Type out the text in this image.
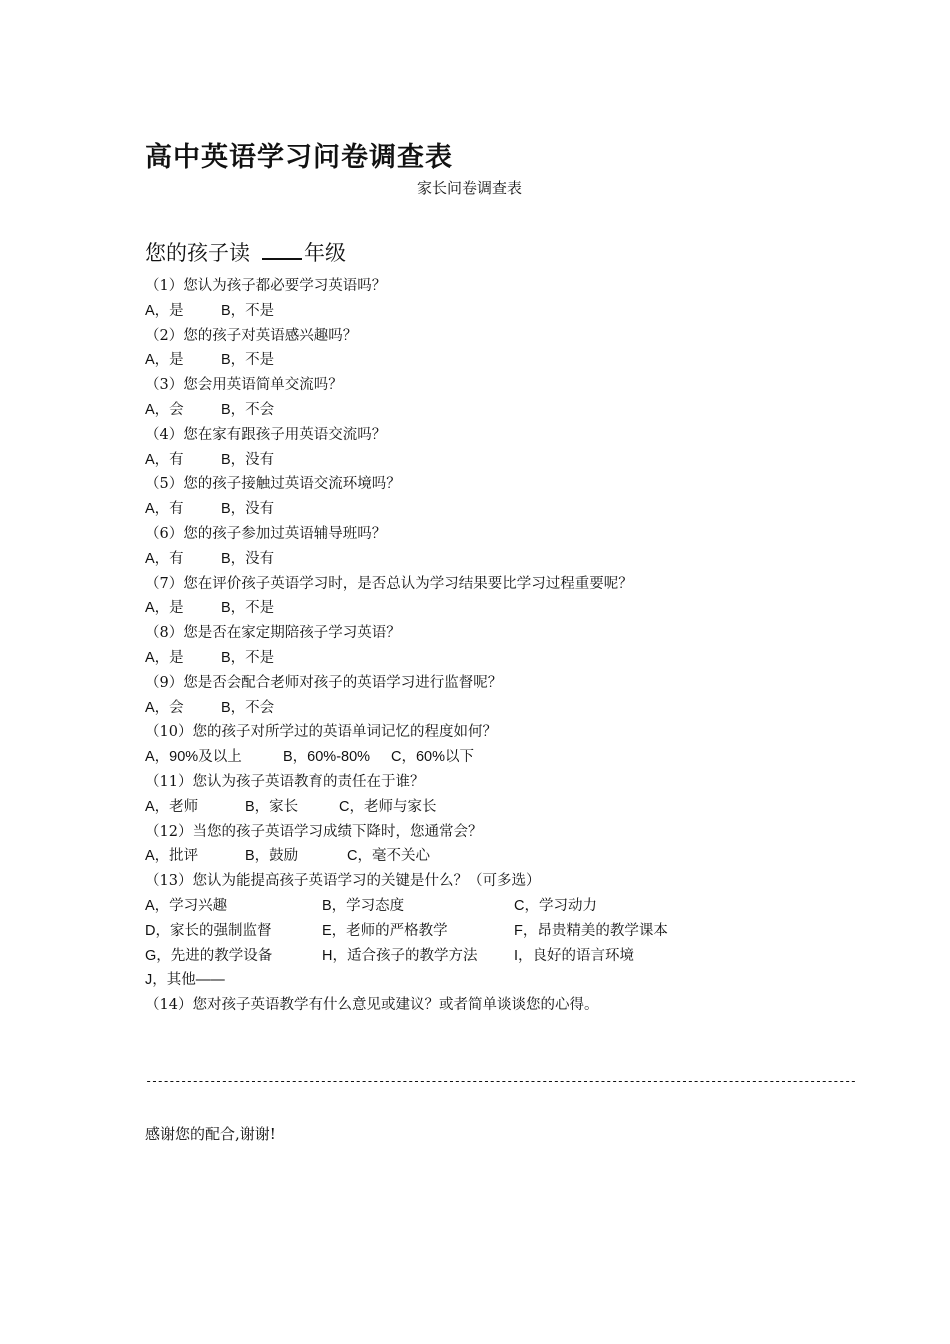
高中英语学习问卷调查表
家长问卷调查表
您的孩子读	年级
（1）您认为孩子都必要学习英语吗？
A，是	B，不是
（2）您的孩子对英语感兴趣吗？
A，是	B，不是
（3）您会用英语简单交流吗？
A，会	B，不会
（4）您在家有跟孩子用英语交流吗？
A，有	B，没有
（5）您的孩子接触过英语交流环境吗？
A，有	B，没有
（6）您的孩子参加过英语辅导班吗？
A，有	B，没有
（7）您在评价孩子英语学习时，是否总认为学习结果要比学习过程重要呢？
A，是	B，不是
（8）您是否在家定期陪孩子学习英语？
A，是	B，不是
（9）您是否会配合老师对孩子的英语学习进行监督呢？
A，会	B，不会
（10）您的孩子对所学过的英语单词记忆的程度如何？
A，90%及以上	B，60%-80% C，60%以下
（11）您认为孩子英语教育的责任在于谁？
A，老师	B，家长	C，老师与家长
（12）当您的孩子英语学习成绩下降时，您通常会？
A，批评	B，鼓励	C，毫不关心
（13）您认为能提高孩子英语学习的关键是什么？（可多选）
A，学习兴趣	B，学习态度	C，学习动力
D，家长的强制监督	E，老师的严格教学	F，昂贵精美的教学课本
G，先进的教学设备	H，适合孩子的教学方法	I，良好的语言环境
J，其他——
（14）您对孩子英语教学有什么意见或建议？或者简单谈谈您的心得。
--------------------------------------------------------------------------------------------------------------------------
感谢您的配合,谢谢!
